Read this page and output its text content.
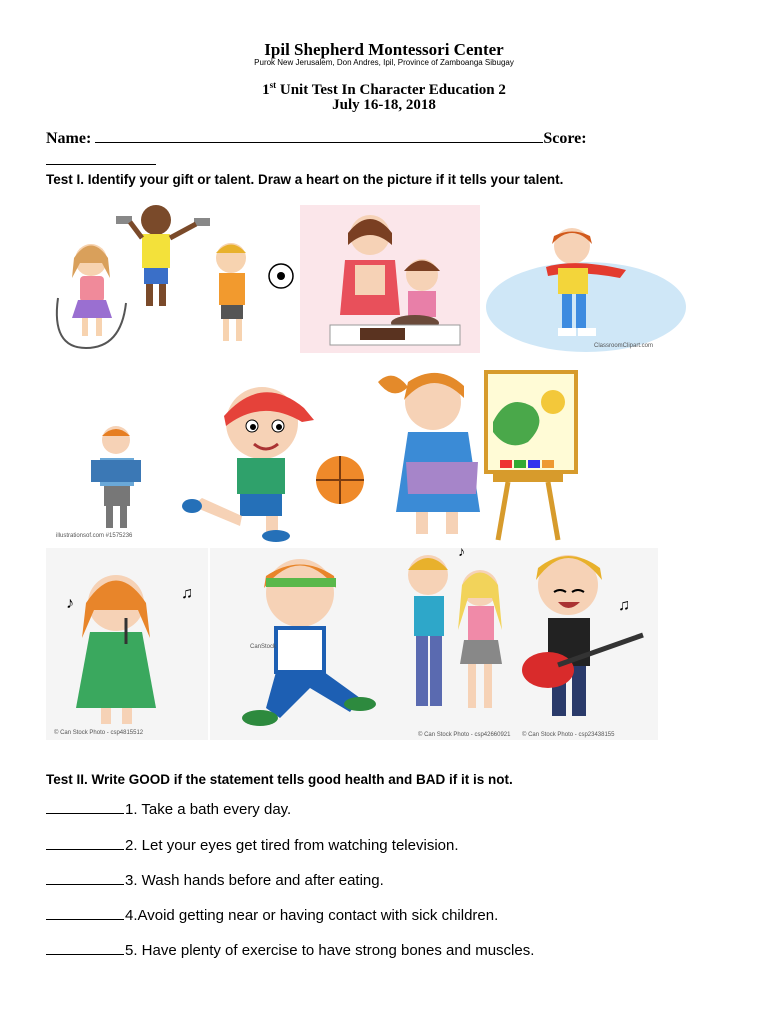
Ipil Shepherd Montessori Center
Purok New Jerusalem, Don Andres, Ipil, Province of Zamboanga Sibugay
1st Unit Test In Character Education 2
July 16-18, 2018
Name:	Score:
Test I. Identify your gift or talent. Draw a heart on the picture if it tells your talent.
ClassroomClipart.com
illustrationsof.com #1575236
♪
♫
© Can Stock Photo - csp4815512
CanStock
♪
© Can Stock Photo - csp42660921
♫
© Can Stock Photo - csp23438155
Test II. Write GOOD if the statement tells good health and BAD if it is not.
1. Take a bath every day.
2. Let your eyes get tired from watching television.
3. Wash hands before and after eating.
4.Avoid getting near or having contact with sick children.
5. Have plenty of exercise to have strong bones and muscles.
